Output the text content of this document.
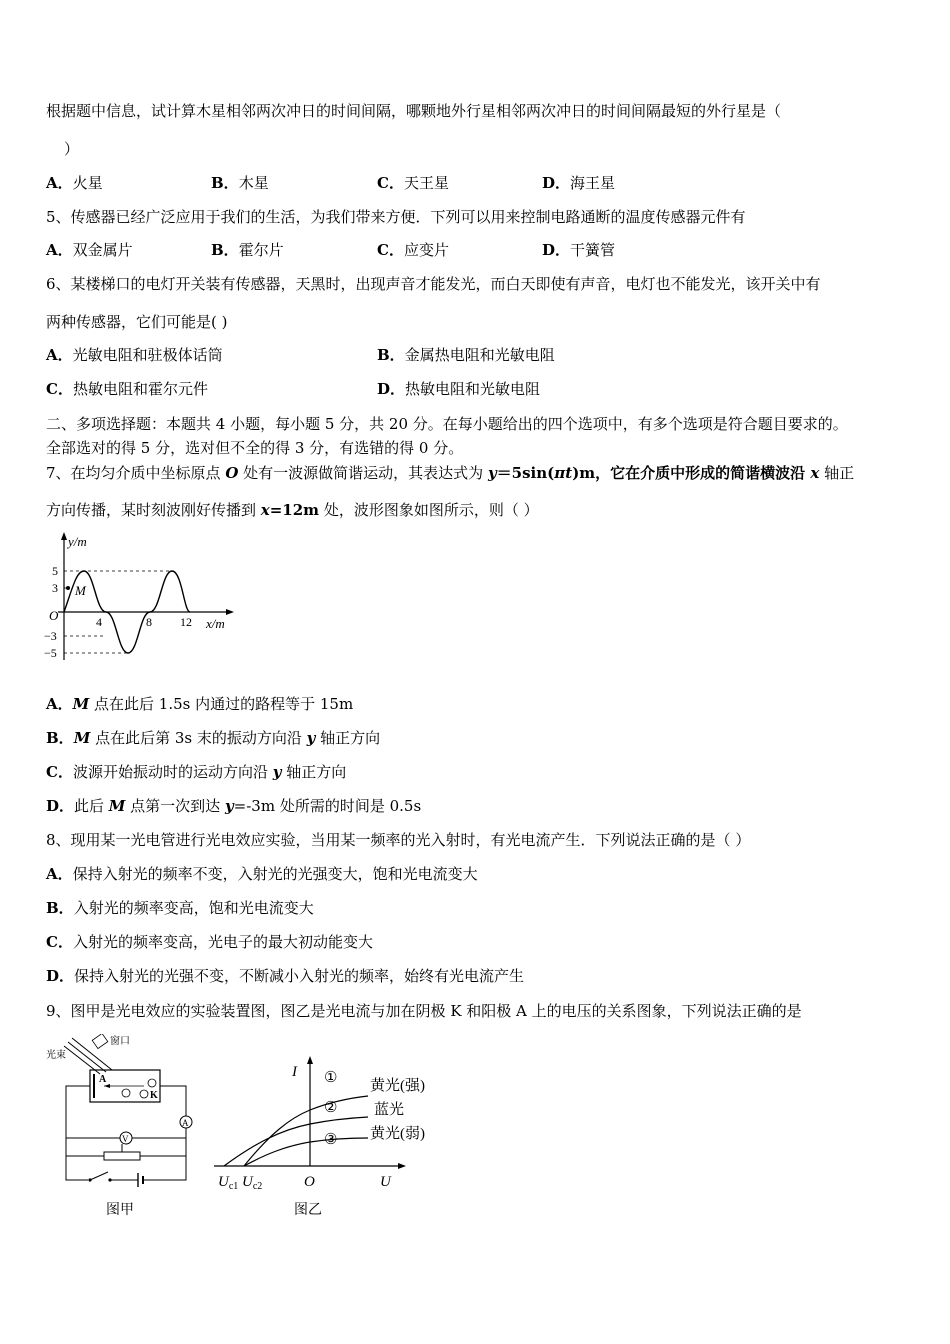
根据题中信息，试计算木星相邻两次冲日的时间间隔，哪颗地外行星相邻两次冲日的时间间隔最短的外行星是（
）
A．火星	B．木星	C．天王星	D．海王星
5、传感器已经广泛应用于我们的生活，为我们带来方便．下列可以用来控制电路通断的温度传感器元件有
A．双金属片	B．霍尔片	C．应变片	D．干簧管
6、某楼梯口的电灯开关装有传感器，天黑时，出现声音才能发光，而白天即使有声音，电灯也不能发光，该开关中有
两种传感器，它们可能是( )
A．光敏电阻和驻极体话筒	B．金属热电阻和光敏电阻
C．热敏电阻和霍尔元件	D．热敏电阻和光敏电阻
二、多项选择题：本题共 4 小题，每小题 5 分，共 20 分。在每小题给出的四个选项中，有多个选项是符合题目要求的。
全部选对的得 5 分，选对但不全的得 3 分，有选错的得 0 分。
7、在均匀介质中坐标原点 O 处有一波源做简谐运动，其表达式为 y＝5sin(πt)m，它在介质中形成的简谐横波沿 x 轴正
方向传播，某时刻波刚好传播到 x=12m 处，波形图象如图所示，则（ ）
y/m
x/m
O
M
5
3
−3
−5
4	8 12
A．M 点在此后 1.5s 内通过的路程等于 15m
B．M 点在此后第 3s 末的振动方向沿 y 轴正方向
C．波源开始振动时的运动方向沿 y 轴正方向
D．此后 M 点第一次到达 y=-3m 处所需的时间是 0.5s
8、现用某一光电管进行光电效应实验，当用某一频率的光入射时，有光电流产生．下列说法正确的是（ ）
A．保持入射光的频率不变，入射光的光强变大，饱和光电流变大
B．入射光的频率变高，饱和光电流变大
C．入射光的频率变高，光电子的最大初动能变大
D．保持入射光的光强不变，不断减小入射光的频率，始终有光电流产生
9、图甲是光电效应的实验装置图，图乙是光电流与加在阴极 K 和阳极 A 上的电压的关系图象，下列说法正确的是
光束
窗口
A
K
A
V
图甲
I ① 黄光(强)
② 蓝光
③ 黄光(弱)
$U_{c1}$ $U_{c2}$	O	U
图乙
